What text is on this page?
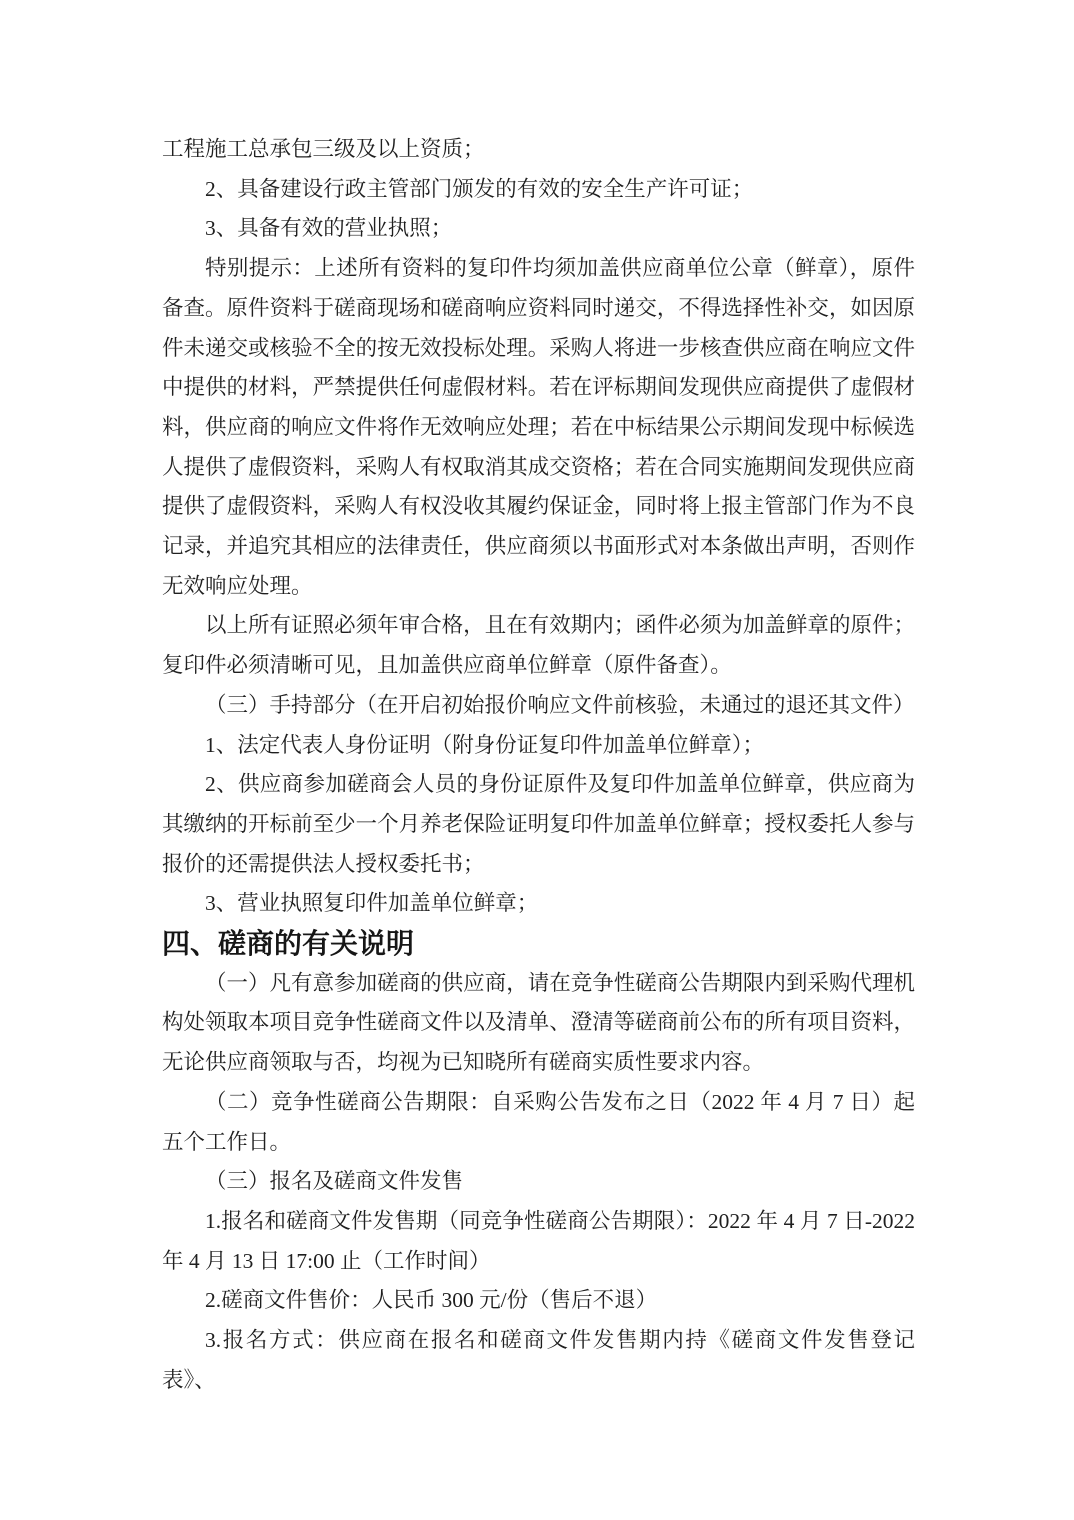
工程施工总承包三级及以上资质；

2、具备建设行政主管部门颁发的有效的安全生产许可证；

3、具备有效的营业执照；

特别提示：上述所有资料的复印件均须加盖供应商单位公章（鲜章），原件备查。原件资料于磋商现场和磋商响应资料同时递交，不得选择性补交，如因原件未递交或核验不全的按无效投标处理。采购人将进一步核查供应商在响应文件中提供的材料，严禁提供任何虚假材料。若在评标期间发现供应商提供了虚假材料，供应商的响应文件将作无效响应处理；若在中标结果公示期间发现中标候选人提供了虚假资料，采购人有权取消其成交资格；若在合同实施期间发现供应商提供了虚假资料，采购人有权没收其履约保证金，同时将上报主管部门作为不良记录，并追究其相应的法律责任，供应商须以书面形式对本条做出声明，否则作无效响应处理。

以上所有证照必须年审合格，且在有效期内；函件必须为加盖鲜章的原件；复印件必须清晰可见，且加盖供应商单位鲜章（原件备查）。

（三）手持部分（在开启初始报价响应文件前核验，未通过的退还其文件）

1、法定代表人身份证明（附身份证复印件加盖单位鲜章）；

2、供应商参加磋商会人员的身份证原件及复印件加盖单位鲜章，供应商为其缴纳的开标前至少一个月养老保险证明复印件加盖单位鲜章；授权委托人参与报价的还需提供法人授权委托书；

3、营业执照复印件加盖单位鲜章；

四、磋商的有关说明

（一）凡有意参加磋商的供应商，请在竞争性磋商公告期限内到采购代理机构处领取本项目竞争性磋商文件以及清单、澄清等磋商前公布的所有项目资料，无论供应商领取与否，均视为已知晓所有磋商实质性要求内容。

（二）竞争性磋商公告期限：自采购公告发布之日（2022 年 4 月 7 日）起五个工作日。

（三）报名及磋商文件发售

1.报名和磋商文件发售期（同竞争性磋商公告期限）：2022 年 4 月 7 日-2022 年 4 月 13 日 17:00 止（工作时间）

2.磋商文件售价：人民币 300 元/份（售后不退）

3.报名方式：供应商在报名和磋商文件发售期内持《磋商文件发售登记表》、
